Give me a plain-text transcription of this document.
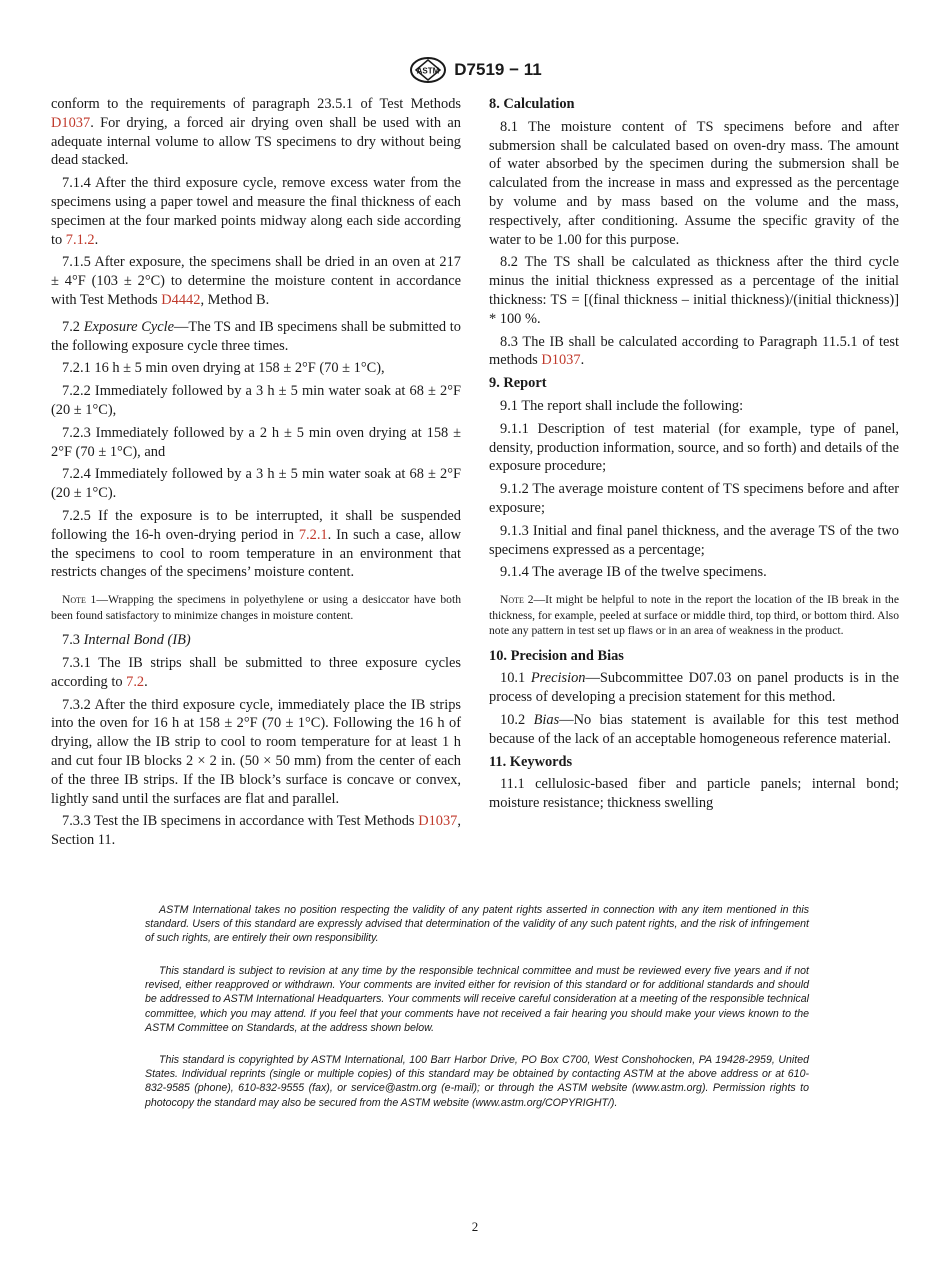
ASTM D7519 − 11

conform to the requirements of paragraph 23.5.1 of Test Methods D1037. For drying, a forced air drying oven shall be used with an adequate internal volume to allow TS specimens to dry without being dead stacked.

7.1.4 After the third exposure cycle, remove excess water from the specimens using a paper towel and measure the final thickness of each specimen at the four marked points midway along each side according to 7.1.2.

7.1.5 After exposure, the specimens shall be dried in an oven at 217 ± 4°F (103 ± 2°C) to determine the moisture content in accordance with Test Methods D4442, Method B.

7.2 Exposure Cycle—The TS and IB specimens shall be submitted to the following exposure cycle three times.

7.2.1 16 h ± 5 min oven drying at 158 ± 2°F (70 ± 1°C),

7.2.2 Immediately followed by a 3 h ± 5 min water soak at 68 ± 2°F (20 ± 1°C),

7.2.3 Immediately followed by a 2 h ± 5 min oven drying at 158 ± 2°F (70 ± 1°C), and

7.2.4 Immediately followed by a 3 h ± 5 min water soak at 68 ± 2°F (20 ± 1°C).

7.2.5 If the exposure is to be interrupted, it shall be suspended following the 16-h oven-drying period in 7.2.1. In such a case, allow the specimens to cool to room temperature in an environment that restricts changes of the specimens’ moisture content.

Note 1—Wrapping the specimens in polyethylene or using a desiccator have both been found satisfactory to minimize changes in moisture content.

7.3 Internal Bond (IB)

7.3.1 The IB strips shall be submitted to three exposure cycles according to 7.2.

7.3.2 After the third exposure cycle, immediately place the IB strips into the oven for 16 h at 158 ± 2°F (70 ± 1°C). Following the 16 h of drying, allow the IB strip to cool to room temperature for at least 1 h and cut four IB blocks 2 × 2 in. (50 × 50 mm) from the center of each of the three IB strips. If the IB block’s surface is concave or convex, lightly sand until the surfaces are flat and parallel.

7.3.3 Test the IB specimens in accordance with Test Methods D1037, Section 11.

8. Calculation

8.1 The moisture content of TS specimens before and after submersion shall be calculated based on oven-dry mass. The amount of water absorbed by the specimen during the submersion shall be calculated from the increase in mass and expressed as the percentage by volume and by mass based on the volume and the mass, respectively, after conditioning. Assume the specific gravity of the water to be 1.00 for this purpose.

8.2 The TS shall be calculated as thickness after the third cycle minus the initial thickness expressed as a percentage of the initial thickness: TS = [(final thickness – initial thickness)/(initial thickness)] * 100 %.

8.3 The IB shall be calculated according to Paragraph 11.5.1 of test methods D1037.

9. Report

9.1 The report shall include the following:

9.1.1 Description of test material (for example, type of panel, density, production information, source, and so forth) and details of the exposure procedure;

9.1.2 The average moisture content of TS specimens before and after exposure;

9.1.3 Initial and final panel thickness, and the average TS of the two specimens expressed as a percentage;

9.1.4 The average IB of the twelve specimens.

Note 2—It might be helpful to note in the report the location of the IB break in the thickness, for example, peeled at surface or middle third, top third, or bottom third. Also note any pattern in test set up flaws or in an area of weakness in the product.

10. Precision and Bias

10.1 Precision—Subcommittee D07.03 on panel products is in the process of developing a precision statement for this method.

10.2 Bias—No bias statement is available for this test method because of the lack of an acceptable homogeneous reference material.

11. Keywords

11.1 cellulosic-based fiber and particle panels; internal bond; moisture resistance; thickness swelling

ASTM International takes no position respecting the validity of any patent rights asserted in connection with any item mentioned in this standard. Users of this standard are expressly advised that determination of the validity of any such patent rights, and the risk of infringement of such rights, are entirely their own responsibility.
This standard is subject to revision at any time by the responsible technical committee and must be reviewed every five years and if not revised, either reapproved or withdrawn. Your comments are invited either for revision of this standard or for additional standards and should be addressed to ASTM International Headquarters. Your comments will receive careful consideration at a meeting of the responsible technical committee, which you may attend. If you feel that your comments have not received a fair hearing you should make your views known to the ASTM Committee on Standards, at the address shown below.
This standard is copyrighted by ASTM International, 100 Barr Harbor Drive, PO Box C700, West Conshohocken, PA 19428-2959, United States. Individual reprints (single or multiple copies) of this standard may be obtained by contacting ASTM at the above address or at 610-832-9585 (phone), 610-832-9555 (fax), or service@astm.org (e-mail); or through the ASTM website (www.astm.org). Permission rights to photocopy the standard may also be secured from the ASTM website (www.astm.org/COPYRIGHT/).
2
